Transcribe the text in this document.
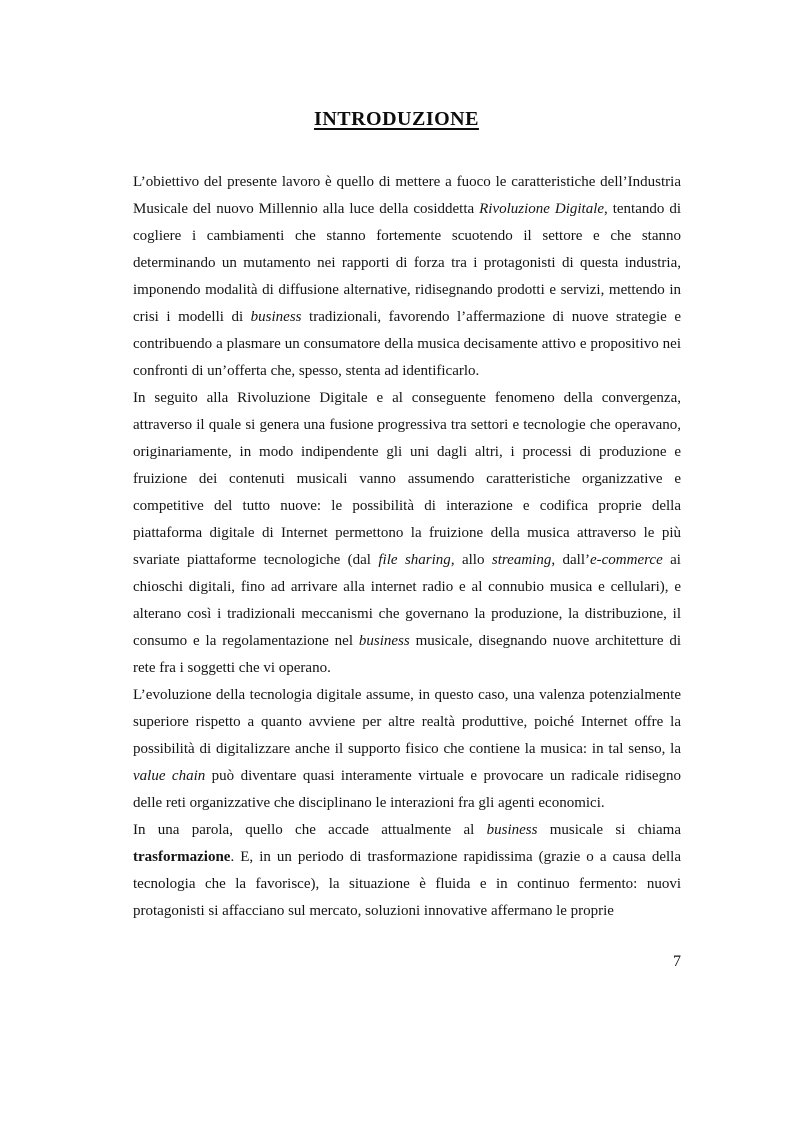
INTRODUZIONE

L’obiettivo del presente lavoro è quello di mettere a fuoco le caratteristiche dell’Industria Musicale del nuovo Millennio alla luce della cosiddetta Rivoluzione Digitale, tentando di cogliere i cambiamenti che stanno fortemente scuotendo il settore e che stanno determinando un mutamento nei rapporti di forza tra i protagonisti di questa industria, imponendo modalità di diffusione alternative, ridisegnando prodotti e servizi, mettendo in crisi i modelli di business tradizionali, favorendo l’affermazione di nuove strategie e contribuendo a plasmare un consumatore della musica decisamente attivo e propositivo nei confronti di un’offerta che, spesso, stenta ad identificarlo.

In seguito alla Rivoluzione Digitale e al conseguente fenomeno della convergenza, attraverso il quale si genera una fusione progressiva tra settori e tecnologie che operavano, originariamente, in modo indipendente gli uni dagli altri, i processi di produzione e fruizione dei contenuti musicali vanno assumendo caratteristiche organizzative e competitive del tutto nuove: le possibilità di interazione e codifica proprie della piattaforma digitale di Internet permettono la fruizione della musica attraverso le più svariate piattaforme tecnologiche (dal file sharing, allo streaming, dall’e-commerce ai chioschi digitali, fino ad arrivare alla internet radio e al connubio musica e cellulari), e alterano così i tradizionali meccanismi che governano la produzione, la distribuzione, il consumo e la regolamentazione nel business musicale, disegnando nuove architetture di rete fra i soggetti che vi operano.

L’evoluzione della tecnologia digitale assume, in questo caso, una valenza potenzialmente superiore rispetto a quanto avviene per altre realtà produttive, poiché Internet offre la possibilità di digitalizzare anche il supporto fisico che contiene la musica: in tal senso, la value chain può diventare quasi interamente virtuale e provocare un radicale ridisegno delle reti organizzative che disciplinano le interazioni fra gli agenti economici.

In una parola, quello che accade attualmente al business musicale si chiama trasformazione. E, in un periodo di trasformazione rapidissima (grazie o a causa della tecnologia che la favorisce), la situazione è fluida e in continuo fermento: nuovi protagonisti si affacciano sul mercato, soluzioni innovative affermano le proprie

7
